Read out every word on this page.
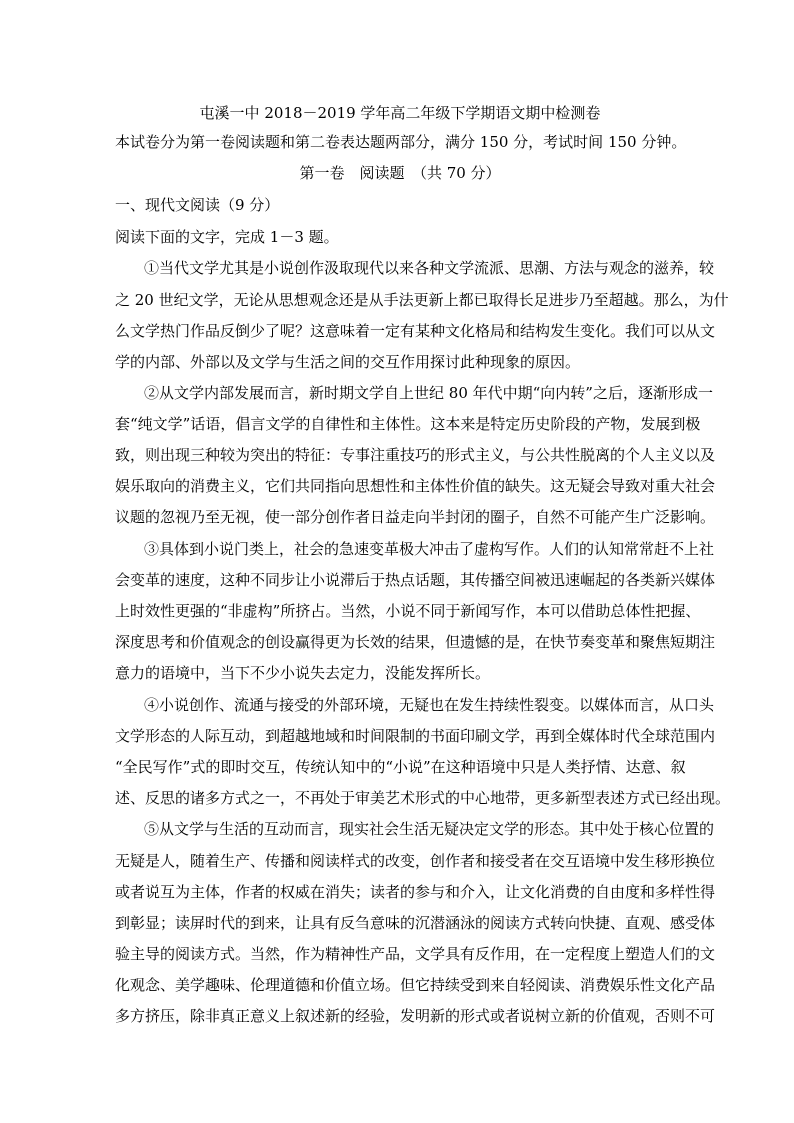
屯溪一中 2018－2019 学年高二年级下学期语文期中检测卷
本试卷分为第一卷阅读题和第二卷表达题两部分，满分 150 分，考试时间 150 分钟。
第一卷　阅读题　（共 70 分）
一、现代文阅读（9 分）
阅读下面的文字，完成 1－3 题。
①当代文学尤其是小说创作汲取现代以来各种文学流派、思潮、方法与观念的滋养，较
之 20 世纪文学，无论从思想观念还是从手法更新上都已取得长足进步乃至超越。那么，为什
么文学热门作品反倒少了呢？这意味着一定有某种文化格局和结构发生变化。我们可以从文
学的内部、外部以及文学与生活之间的交互作用探讨此种现象的原因。
②从文学内部发展而言，新时期文学自上世纪 80 年代中期“向内转”之后，逐渐形成一
套“纯文学”话语，倡言文学的自律性和主体性。这本来是特定历史阶段的产物，发展到极
致，则出现三种较为突出的特征：专事注重技巧的形式主义，与公共性脱离的个人主义以及
娱乐取向的消费主义，它们共同指向思想性和主体性价值的缺失。这无疑会导致对重大社会
议题的忽视乃至无视，使一部分创作者日益走向半封闭的圈子，自然不可能产生广泛影响。
③具体到小说门类上，社会的急速变革极大冲击了虚构写作。人们的认知常常赶不上社
会变革的速度，这种不同步让小说滞后于热点话题，其传播空间被迅速崛起的各类新兴媒体
上时效性更强的“非虚构”所挤占。当然，小说不同于新闻写作，本可以借助总体性把握、
深度思考和价值观念的创设赢得更为长效的结果，但遗憾的是，在快节奏变革和聚焦短期注
意力的语境中，当下不少小说失去定力，没能发挥所长。
④小说创作、流通与接受的外部环境，无疑也在发生持续性裂变。以媒体而言，从口头
文学形态的人际互动，到超越地域和时间限制的书面印刷文学，再到全媒体时代全球范围内
“全民写作”式的即时交互，传统认知中的“小说”在这种语境中只是人类抒情、达意、叙
述、反思的诸多方式之一，不再处于审美艺术形式的中心地带，更多新型表述方式已经出现。
⑤从文学与生活的互动而言，现实社会生活无疑决定文学的形态。其中处于核心位置的
无疑是人，随着生产、传播和阅读样式的改变，创作者和接受者在交互语境中发生移形换位
或者说互为主体，作者的权威在消失；读者的参与和介入，让文化消费的自由度和多样性得
到彰显；读屏时代的到来，让具有反刍意味的沉潜涵泳的阅读方式转向快捷、直观、感受体
验主导的阅读方式。当然，作为精神性产品，文学具有反作用，在一定程度上塑造人们的文
化观念、美学趣味、伦理道德和价值立场。但它持续受到来自轻阅读、消费娱乐性文化产品
多方挤压，除非真正意义上叙述新的经验，发明新的形式或者说树立新的价值观，否则不可
